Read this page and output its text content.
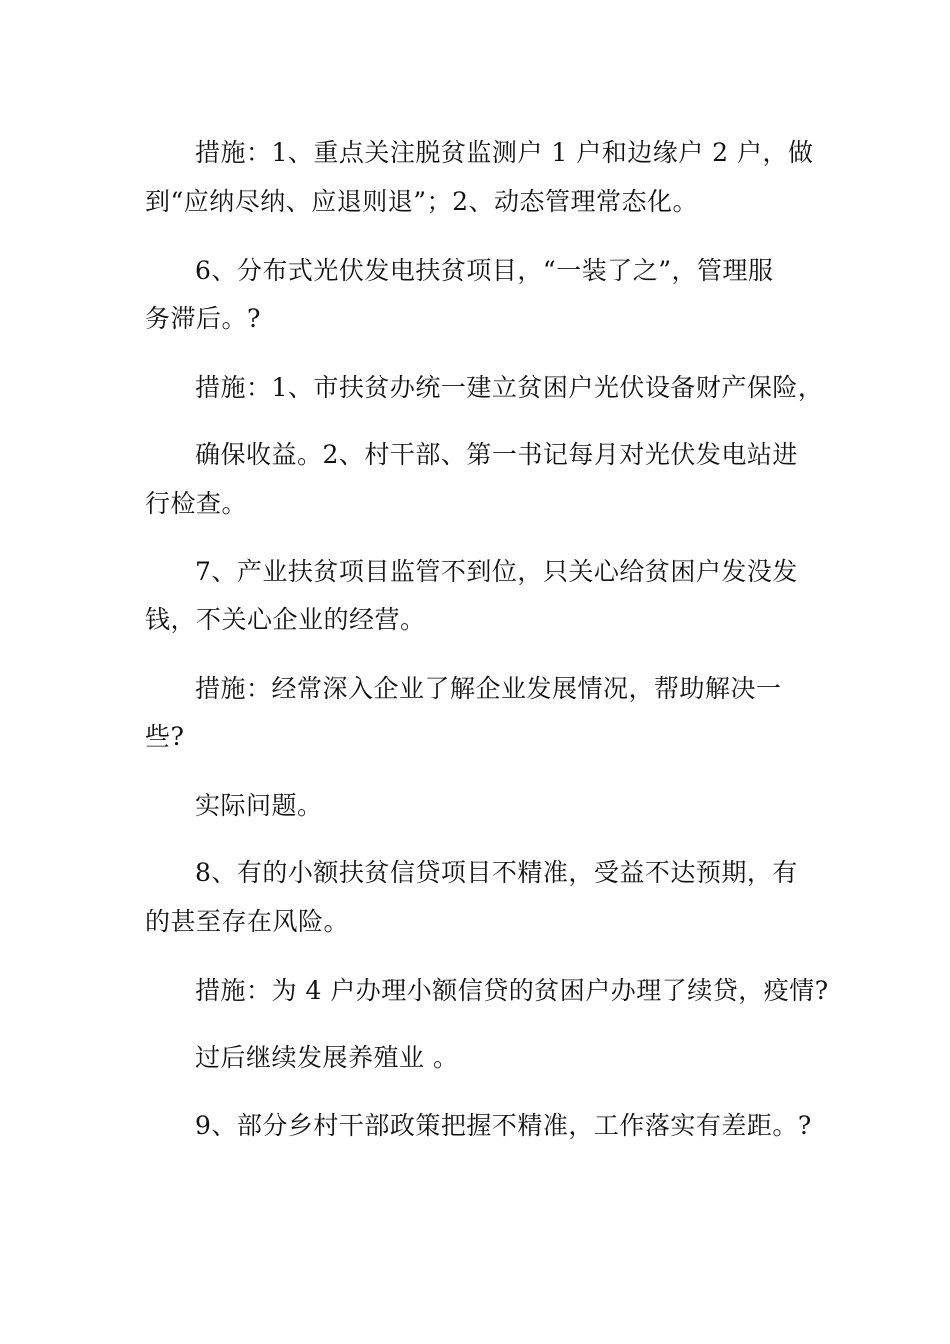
措施：1、重点关注脱贫监测户 1 户和边缘户 2 户，做
到“应纳尽纳、应退则退”；2、动态管理常态化。
6、分布式光伏发电扶贫项目，“一装了之”，管理服
务滞后。?
措施：1、市扶贫办统一建立贫困户光伏设备财产保险，
确保收益。2、村干部、第一书记每月对光伏发电站进
行检查。
7、产业扶贫项目监管不到位，只关心给贫困户发没发
钱，不关心企业的经营。
措施：经常深入企业了解企业发展情况，帮助解决一
些?
实际问题。
8、有的小额扶贫信贷项目不精准，受益不达预期，有
的甚至存在风险。
措施：为 4 户办理小额信贷的贫困户办理了续贷，疫情?
过后继续发展养殖业 。
9、部分乡村干部政策把握不精准，工作落实有差距。?
